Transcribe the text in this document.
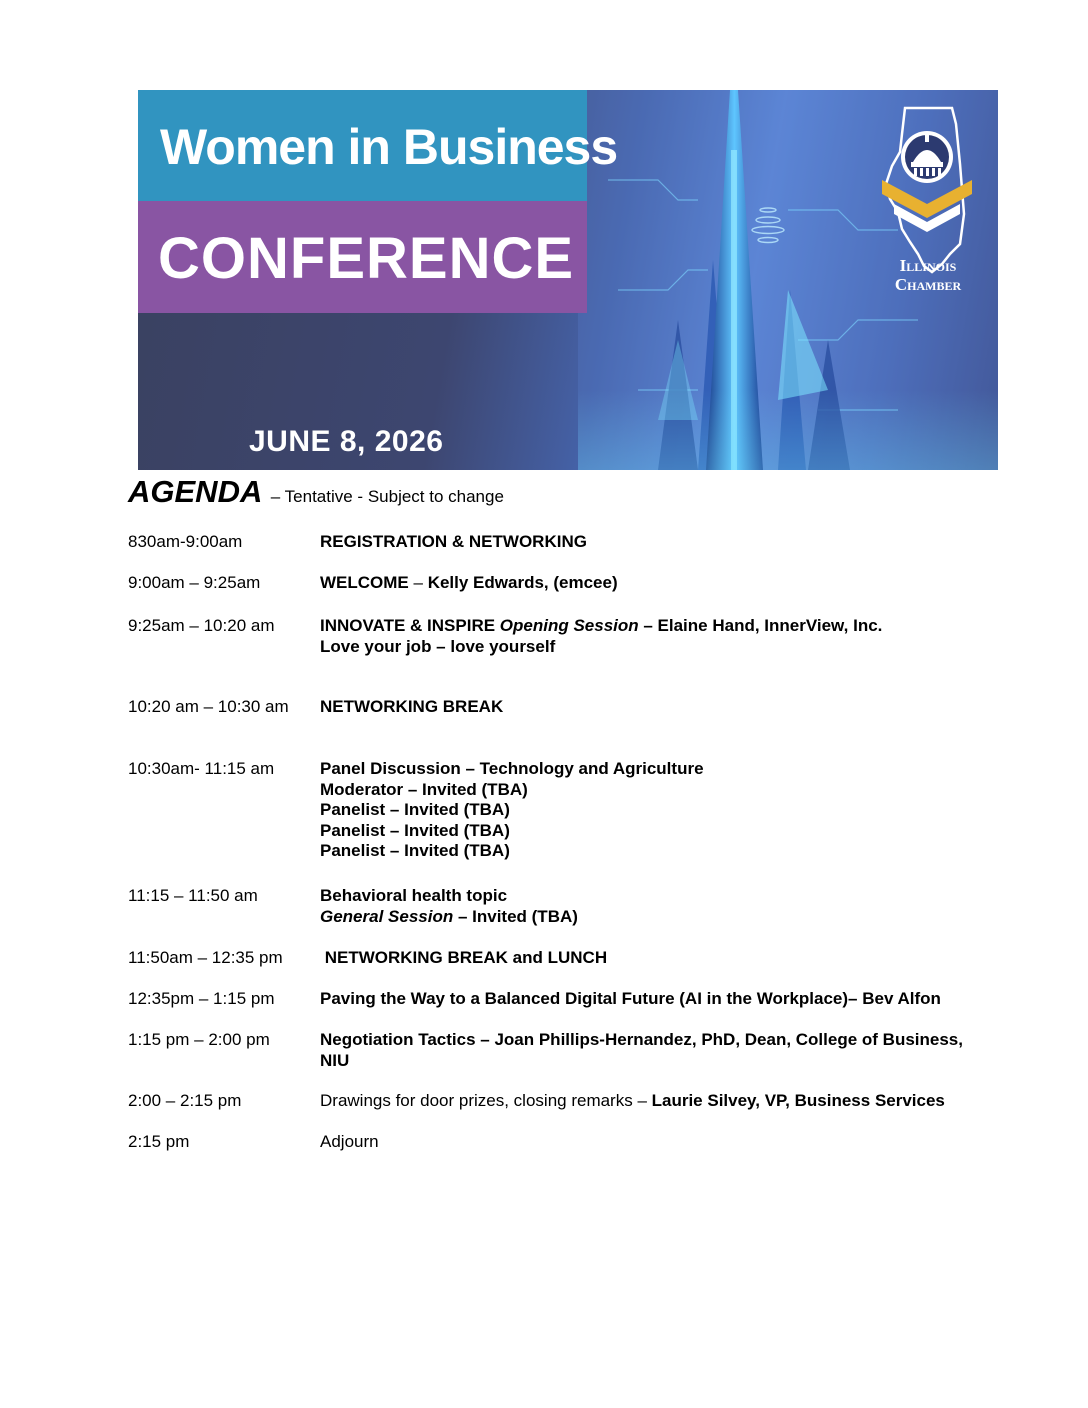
Women in Business
CONFERENCE
JUNE 8, 2026
Illinois
Chamber
AGENDA – Tentative - Subject to change
830am-9:00am	REGISTRATION & NETWORKING
9:00am – 9:25am	WELCOME – Kelly Edwards, (emcee)
9:25am – 10:20 am	INNOVATE & INSPIRE Opening Session – Elaine Hand, InnerView, Inc.
Love your job – love yourself
10:20 am – 10:30 am NETWORKING BREAK
10:30am- 11:15 am	Panel Discussion – Technology and Agriculture
Moderator – Invited (TBA)
Panelist – Invited (TBA)
Panelist – Invited (TBA)
Panelist – Invited (TBA)
11:15 – 11:50 am	Behavioral health topic
General Session – Invited (TBA)
11:50am – 12:35 pm NETWORKING BREAK and LUNCH
12:35pm – 1:15 pm	Paving the Way to a Balanced Digital Future (AI in the Workplace)– Bev Alfon
1:15 pm – 2:00 pm	Negotiation Tactics – Joan Phillips-Hernandez, PhD, Dean, College of Business,
NIU
2:00 – 2:15 pm	Drawings for door prizes, closing remarks – Laurie Silvey, VP, Business Services
2:15 pm	Adjourn
